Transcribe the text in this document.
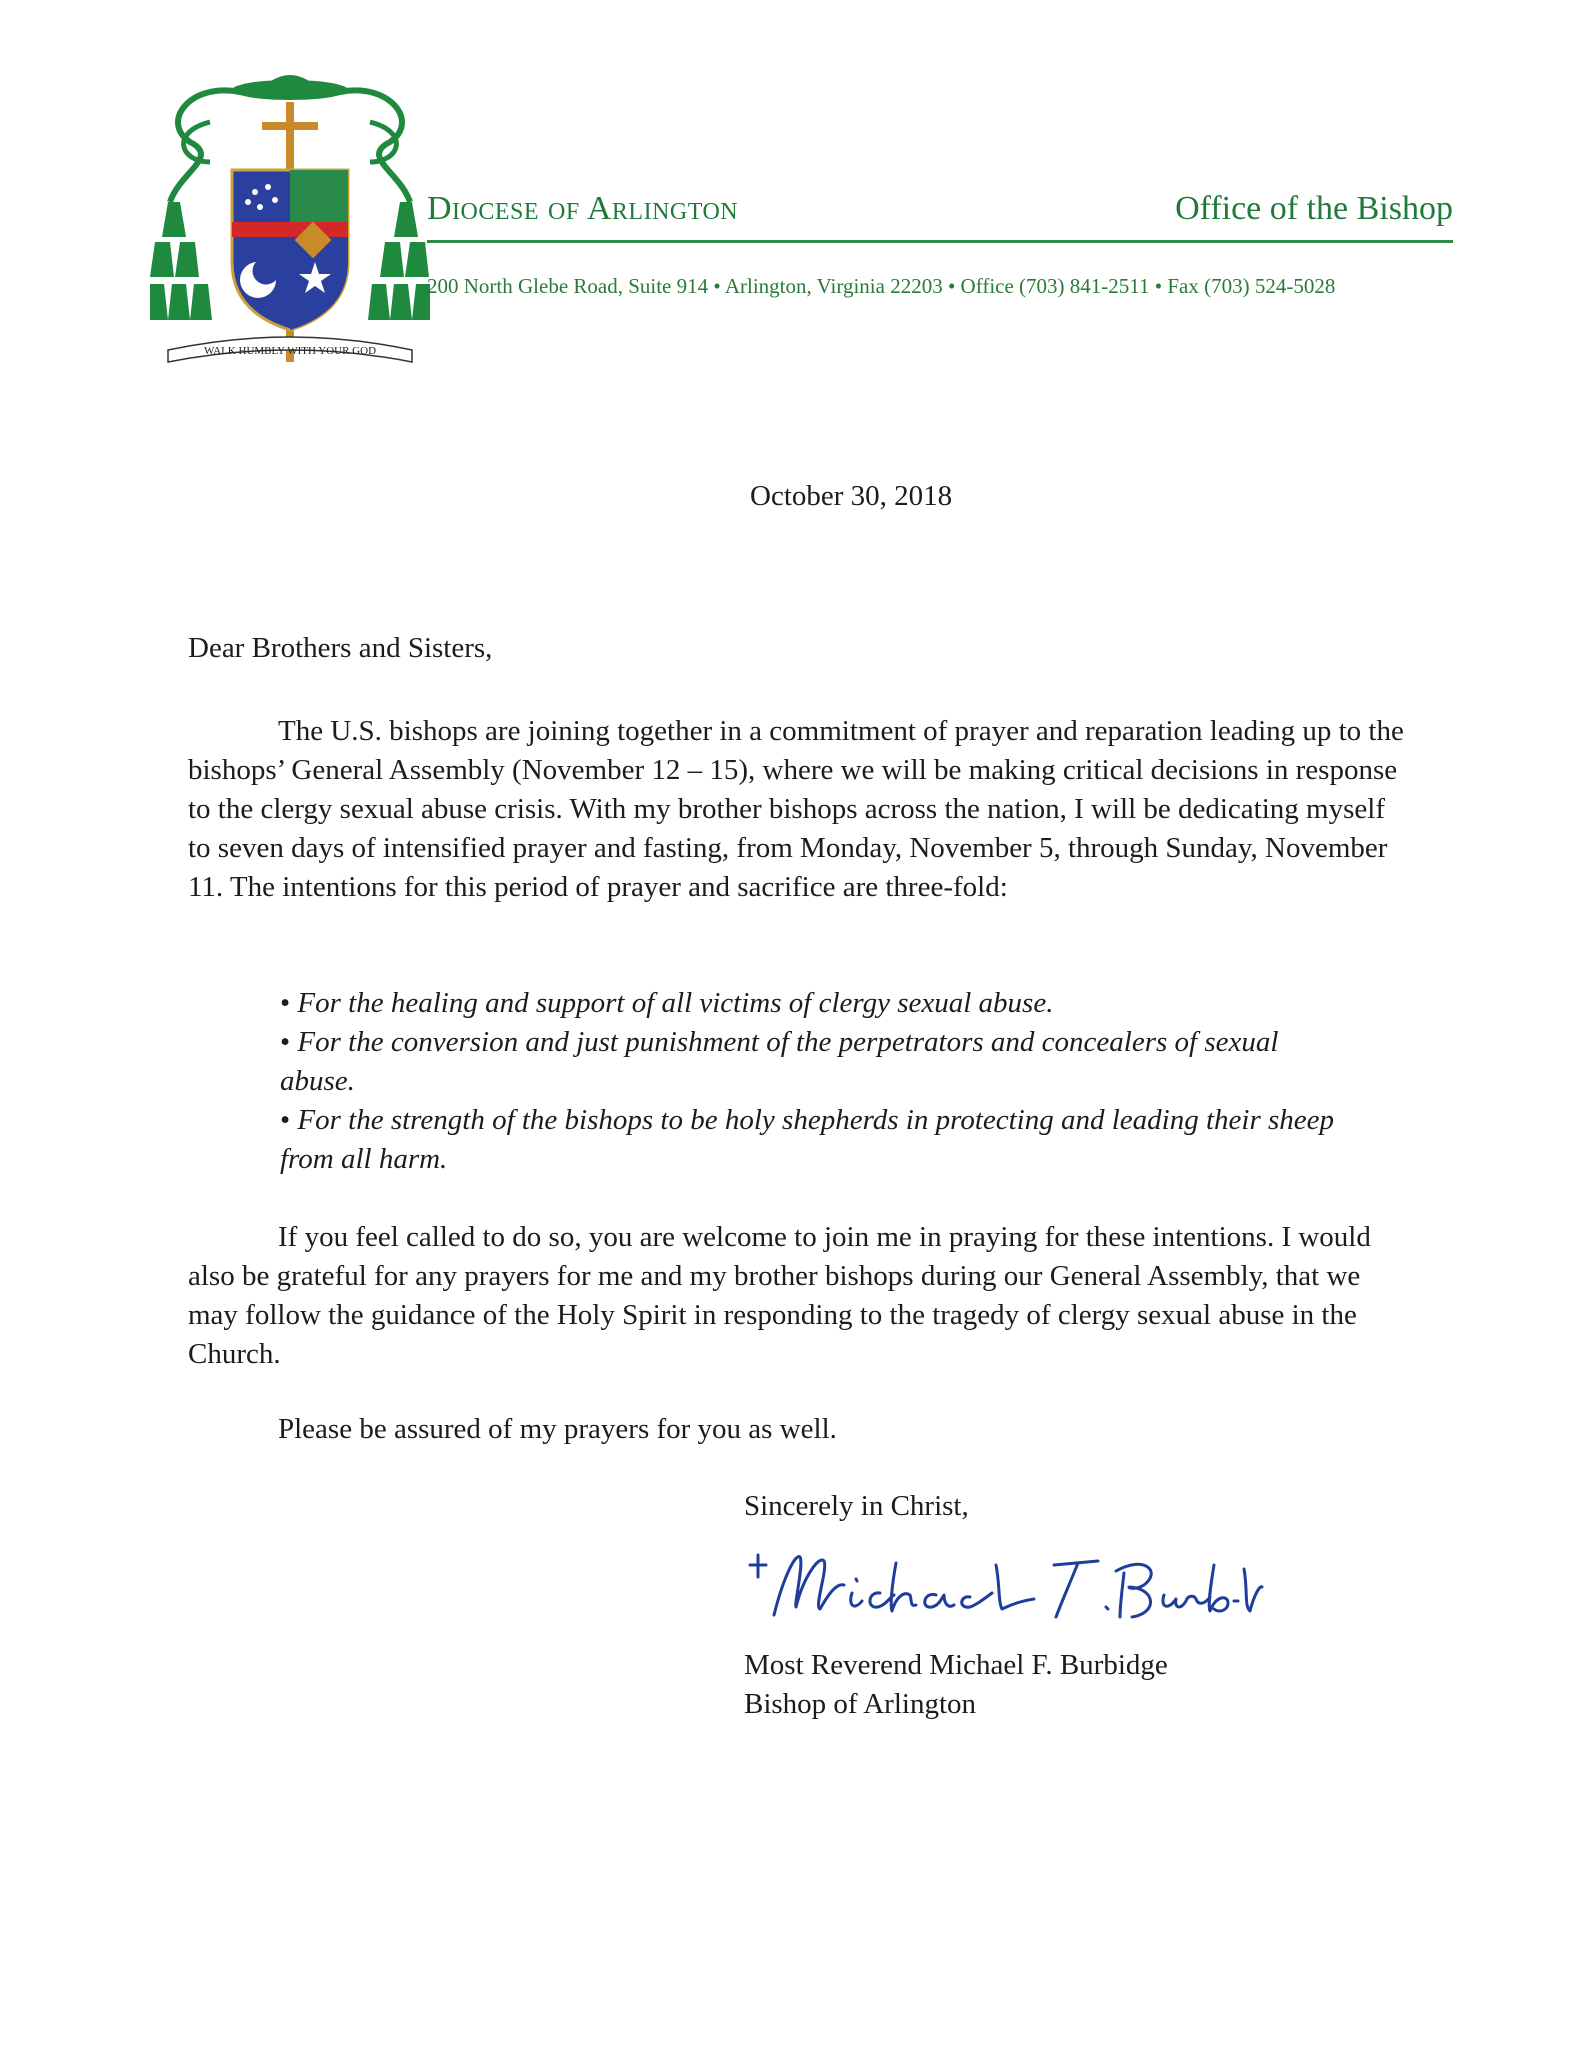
WALK HUMBLY WITH YOUR GOD
Diocese of Arlington	Office of the Bishop
200 North Glebe Road, Suite 914 • Arlington, Virginia 22203 • Office (703) 841-2511 • Fax (703) 524-5028
October 30, 2018
Dear Brothers and Sisters,

The U.S. bishops are joining together in a commitment of prayer and reparation leading up to the bishops’ General Assembly (November 12 – 15), where we will be making critical decisions in response to the clergy sexual abuse crisis. With my brother bishops across the nation, I will be dedicating myself to seven days of intensified prayer and fasting, from Monday, November 5, through Sunday, November 11. The intentions for this period of prayer and sacrifice are three-fold:

• For the healing and support of all victims of clergy sexual abuse.
• For the conversion and just punishment of the perpetrators and concealers of sexual abuse.
• For the strength of the bishops to be holy shepherds in protecting and leading their sheep from all harm.

If you feel called to do so, you are welcome to join me in praying for these intentions. I would also be grateful for any prayers for me and my brother bishops during our General Assembly, that we may follow the guidance of the Holy Spirit in responding to the tragedy of clergy sexual abuse in the Church.

Please be assured of my prayers for you as well.

Sincerely in Christ,
Most Reverend Michael F. Burbidge
Bishop of Arlington
